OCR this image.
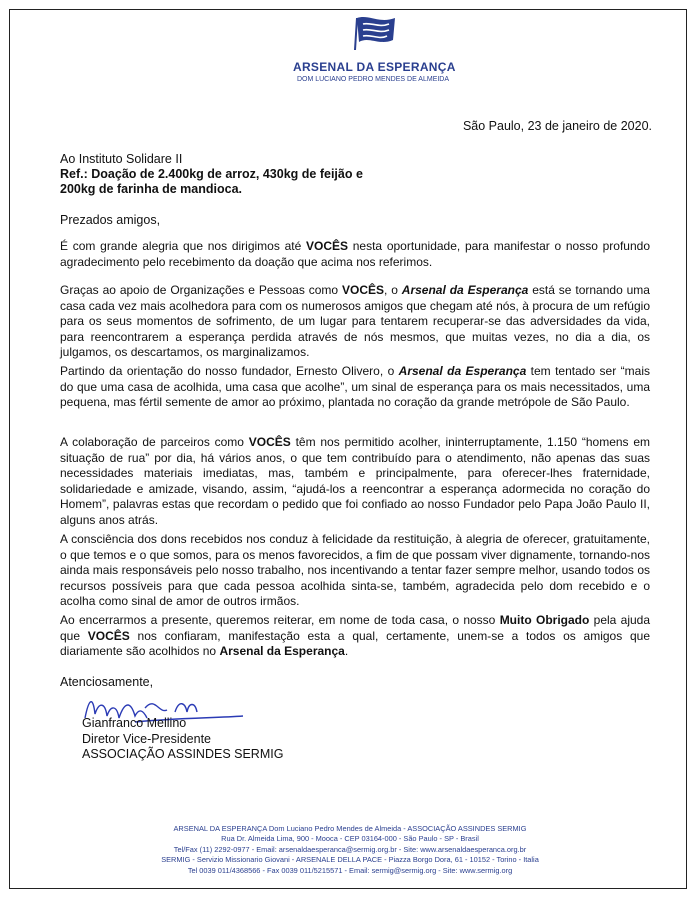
ARSENAL DA ESPERANÇA
DOM LUCIANO PEDRO MENDES DE ALMEIDA
São Paulo, 23 de janeiro de 2020.
Ao Instituto Solidare II
Ref.: Doação de 2.400kg de arroz, 430kg de feijão e
200kg de farinha de mandioca.
Prezados amigos,

É com grande alegria que nos dirigimos até VOCÊS nesta oportunidade, para manifestar o nosso profundo agradecimento pelo recebimento da doação que acima nos referimos.

Graças ao apoio de Organizações e Pessoas como VOCÊS, o Arsenal da Esperança está se tornando uma casa cada vez mais acolhedora para com os numerosos amigos que chegam até nós, à procura de um refúgio para os seus momentos de sofrimento, de um lugar para tentarem recuperar-se das adversidades da vida, para reencontrarem a esperança perdida através de nós mesmos, que muitas vezes, no dia a dia, os julgamos, os descartamos, os marginalizamos.

Partindo da orientação do nosso fundador, Ernesto Olivero, o Arsenal da Esperança tem tentado ser “mais do que uma casa de acolhida, uma casa que acolhe”, um sinal de esperança para os mais necessitados, uma pequena, mas fértil semente de amor ao próximo, plantada no coração da grande metrópole de São Paulo.

A colaboração de parceiros como VOCÊS têm nos permitido acolher, ininterruptamente, 1.150 “homens em situação de rua” por dia, há vários anos, o que tem contribuído para o atendimento, não apenas das suas necessidades materiais imediatas, mas, também e principalmente, para oferecer-lhes fraternidade, solidariedade e amizade, visando, assim, “ajudá-los a reencontrar a esperança adormecida no coração do Homem”, palavras estas que recordam o pedido que foi confiado ao nosso Fundador pelo Papa João Paulo II, alguns anos atrás.

A consciência dos dons recebidos nos conduz à felicidade da restituição, à alegria de oferecer, gratuitamente, o que temos e o que somos, para os menos favorecidos, a fim de que possam viver dignamente, tornando-nos ainda mais responsáveis pelo nosso trabalho, nos incentivando a tentar fazer sempre melhor, usando todos os recursos possíveis para que cada pessoa acolhida sinta-se, também, agradecida pelo dom recebido e o acolha como sinal de amor de outros irmãos.

Ao encerrarmos a presente, queremos reiterar, em nome de toda casa, o nosso Muito Obrigado pela ajuda que VOCÊS nos confiaram, manifestação esta a qual, certamente, unem-se a todos os amigos que diariamente são acolhidos no Arsenal da Esperança.

Atenciosamente,
Gianfranco Mellino
Diretor Vice-Presidente
ASSOCIAÇÃO ASSINDES SERMIG
ARSENAL DA ESPERANÇA Dom Luciano Pedro Mendes de Almeida - ASSOCIAÇÃO ASSINDES SERMIG
Rua Dr. Almeida Lima, 900 - Mooca - CEP 03164-000 - São Paulo - SP - Brasil
Tel/Fax (11) 2292-0977 - Email: arsenaldaesperanca@sermig.org.br - Site: www.arsenaldaesperanca.org.br
SERMIG - Servizio Missionario Giovani - ARSENALE DELLA PACE - Piazza Borgo Dora, 61 - 10152 - Torino - Italia
Tel 0039 011/4368566 - Fax 0039 011/5215571 - Email: sermig@sermig.org - Site: www.sermig.org
